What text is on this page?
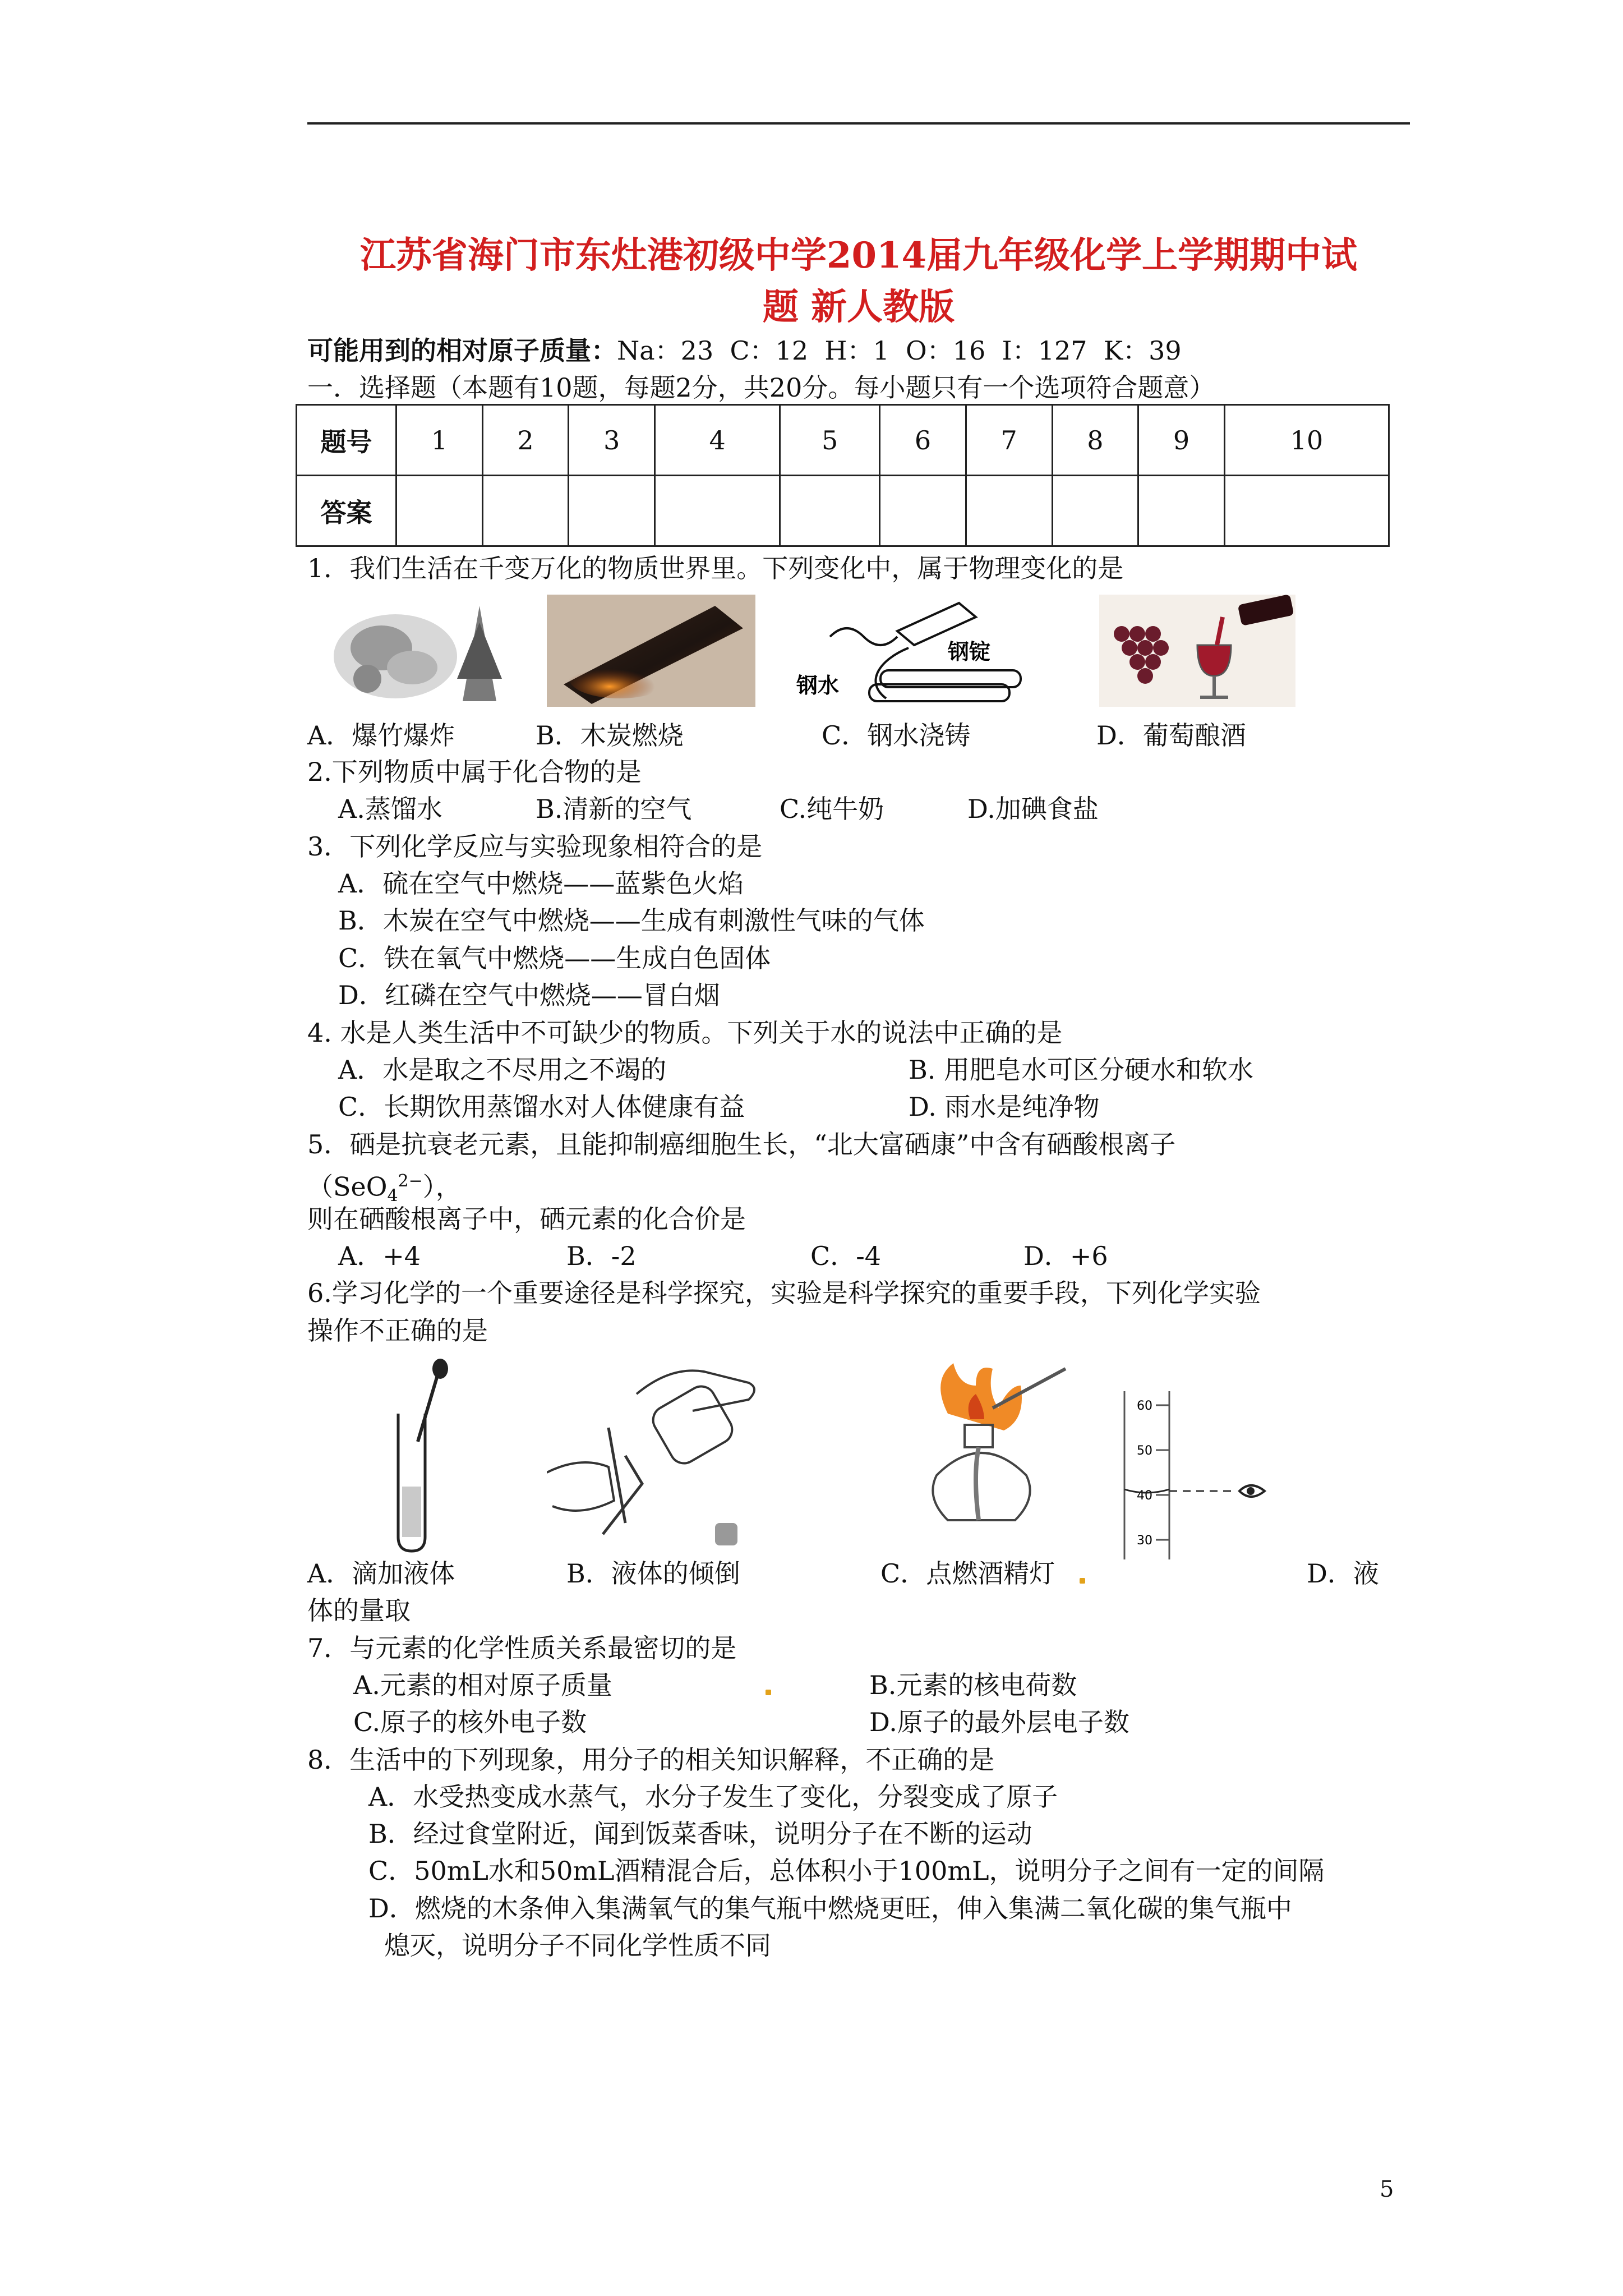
江苏省海门市东灶港初级中学2014届九年级化学上学期期中试
题 新人教版
可能用到的相对原子质量：Na：23  C：12  H：1  O：16  I：127  K：39
一．选择题（本题有10题，每题2分，共20分。每小题只有一个选项符合题意）
题号	1	2	3	4	5	6	7	8	9	10
答案										
1．我们生活在千变万化的物质世界里。下列变化中，属于物理变化的是
钢水
钢锭
A．爆竹爆炸	B．木炭燃烧	C．钢水浇铸	D．葡萄酿酒
2.下列物质中属于化合物的是
A.蒸馏水	B.清新的空气	C.纯牛奶	D.加碘食盐
3．下列化学反应与实验现象相符合的是
A．硫在空气中燃烧——蓝紫色火焰
B．木炭在空气中燃烧——生成有刺激性气味的气体
C．铁在氧气中燃烧——生成白色固体
D．红磷在空气中燃烧——冒白烟
4. 水是人类生活中不可缺少的物质。下列关于水的说法中正确的是
A．水是取之不尽用之不竭的	B. 用肥皂水可区分硬水和软水
C．长期饮用蒸馏水对人体健康有益	D. 雨水是纯净物
5．硒是抗衰老元素，且能抑制癌细胞生长，“北大富硒康”中含有硒酸根离子
（SeO$_4^{2-}$），
则在硒酸根离子中，硒元素的化合价是
A．+4	B．-2	C．-4	D．+6
6.学习化学的一个重要途径是科学探究，实验是科学探究的重要手段，下列化学实验
操作不正确的是
60
50
40
30
A．滴加液体	B．液体的倾倒	C．点燃酒精灯	D．液
体的量取
7．与元素的化学性质关系最密切的是
A.元素的相对原子质量	B.元素的核电荷数
C.原子的核外电子数	D.原子的最外层电子数
8．生活中的下列现象，用分子的相关知识解释，不正确的是
A．水受热变成水蒸气，水分子发生了变化，分裂变成了原子
B．经过食堂附近，闻到饭菜香味，说明分子在不断的运动
C．50mL水和50mL酒精混合后，总体积小于100mL，说明分子之间有一定的间隔
D．燃烧的木条伸入集满氧气的集气瓶中燃烧更旺，伸入集满二氧化碳的集气瓶中
熄灭，说明分子不同化学性质不同
5
